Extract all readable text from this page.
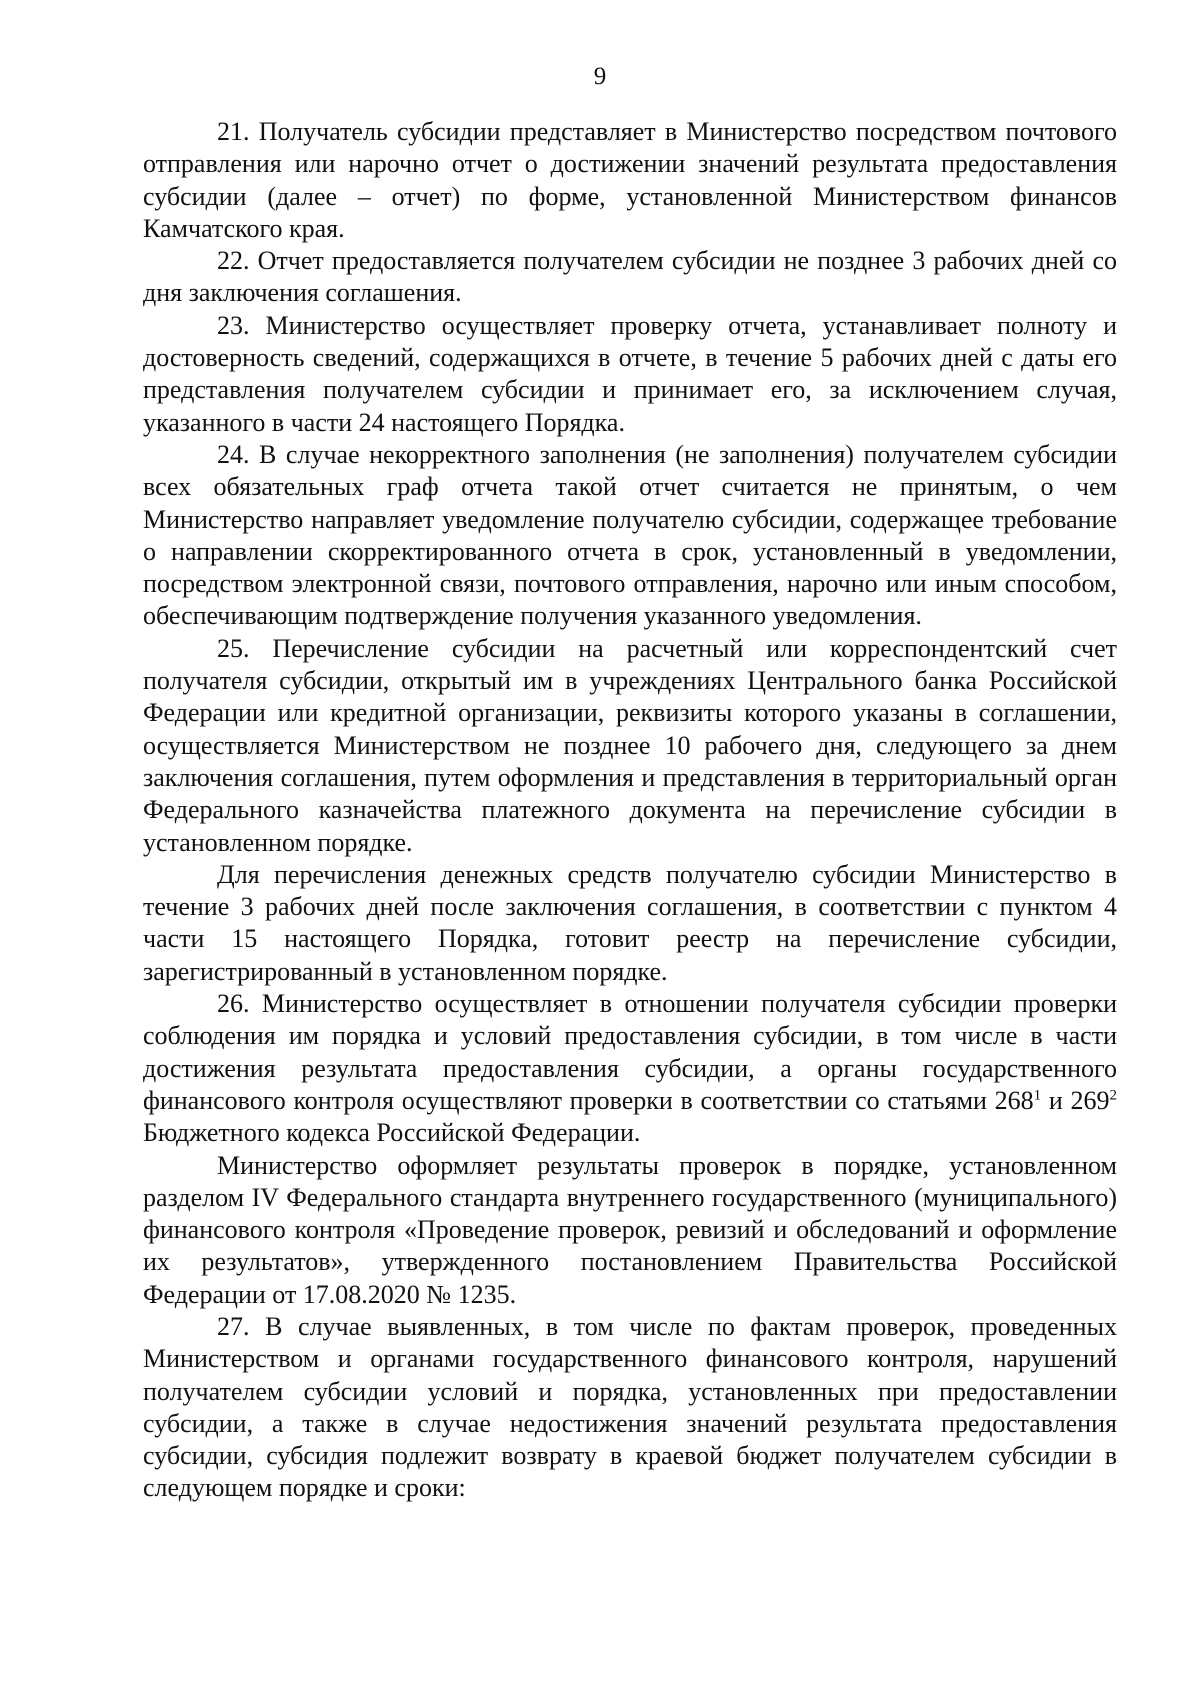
9

21. Получатель субсидии представляет в Министерство посредством почтового отправления или нарочно отчет о достижении значений результата предоставления субсидии (далее – отчет) по форме, установленной Министерством финансов Камчатского края.

22. Отчет предоставляется получателем субсидии не позднее 3 рабочих дней со дня заключения соглашения.

23. Министерство осуществляет проверку отчета, устанавливает полноту и достоверность сведений, содержащихся в отчете, в течение 5 рабочих дней с даты его представления получателем субсидии и принимает его, за исключением случая, указанного в части 24 настоящего Порядка.

24. В случае некорректного заполнения (не заполнения) получателем субсидии всех обязательных граф отчета такой отчет считается не принятым, о чем Министерство направляет уведомление получателю субсидии, содержащее требование о направлении скорректированного отчета в срок, установленный в уведомлении, посредством электронной связи, почтового отправления, нарочно или иным способом, обеспечивающим подтверждение получения указанного уведомления.

25. Перечисление субсидии на расчетный или корреспондентский счет получателя субсидии, открытый им в учреждениях Центрального банка Российской Федерации или кредитной организации, реквизиты которого указаны в соглашении, осуществляется Министерством не позднее 10 рабочего дня, следующего за днем заключения соглашения, путем оформления и представления в территориальный орган Федерального казначейства платежного документа на перечисление субсидии в установленном порядке.

Для перечисления денежных средств получателю субсидии Министерство в течение 3 рабочих дней после заключения соглашения, в соответствии с пунктом 4 части 15 настоящего Порядка, готовит реестр на перечисление субсидии, зарегистрированный в установленном порядке.

26. Министерство осуществляет в отношении получателя субсидии проверки соблюдения им порядка и условий предоставления субсидии, в том числе в части достижения результата предоставления субсидии, а органы государственного финансового контроля осуществляют проверки в соответствии со статьями $268^1$ и $269^2$ Бюджетного кодекса Российской Федерации.

Министерство оформляет результаты проверок в порядке, установленном разделом IV Федерального стандарта внутреннего государственного (муниципального) финансового контроля «Проведение проверок, ревизий и обследований и оформление их результатов», утвержденного постановлением Правительства Российской Федерации от 17.08.2020 № 1235.

27. В случае выявленных, в том числе по фактам проверок, проведенных Министерством и органами государственного финансового контроля, нарушений получателем субсидии условий и порядка, установленных при предоставлении субсидии, а также в случае недостижения значений результата предоставления субсидии, субсидия подлежит возврату в краевой бюджет получателем субсидии в следующем порядке и сроки:
